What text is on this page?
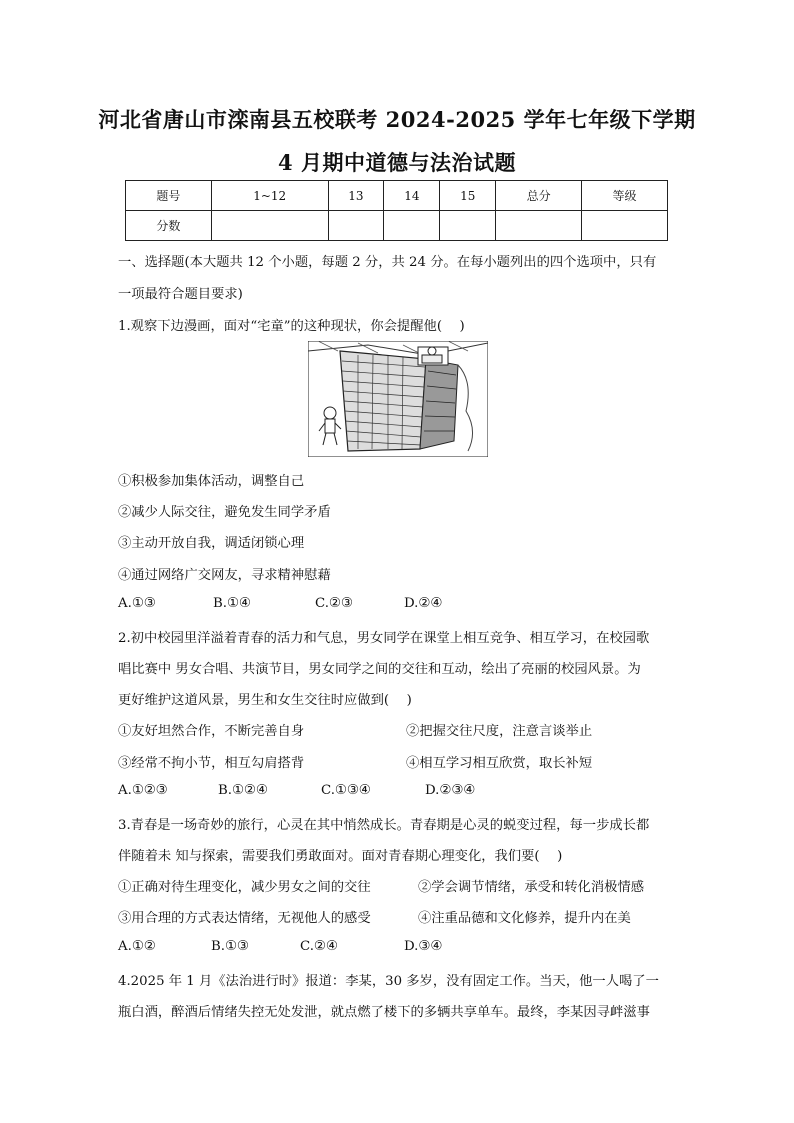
河北省唐山市滦南县五校联考 2024-2025 学年七年级下学期
4 月期中道德与法治试题
题号	1~12	13	14	15	总分	等级
分数						
一、选择题(本大题共 12 个小题，每题 2 分，共 24 分。在每小题列出的四个选项中，只有
一项最符合题目要求)
1.观察下边漫画，面对“宅童”的这种现状，你会提醒他(　 )
①积极参加集体活动，调整自己
②减少人际交往，避免发生同学矛盾
③主动开放自我，调适闭锁心理
④通过网络广交网友，寻求精神慰藉
A.①③	B.①④	C.②③	D.②④
2.初中校园里洋溢着青春的活力和气息，男女同学在课堂上相互竞争、相互学习，在校园歌
唱比赛中 男女合唱、共演节目，男女同学之间的交往和互动，绘出了亮丽的校园风景。为
更好维护这道风景，男生和女生交往时应做到(　 )
①友好坦然合作，不断完善自身	②把握交往尺度，注意言谈举止
③经常不拘小节，相互勾肩搭背	④相互学习相互欣赏，取长补短
A.①②③	B.①②④	C.①③④	D.②③④
3.青春是一场奇妙的旅行，心灵在其中悄然成长。青春期是心灵的蜕变过程，每一步成长都
伴随着未 知与探索，需要我们勇敢面对。面对青春期心理变化，我们要(　 )
①正确对待生理变化，减少男女之间的交往	②学会调节情绪，承受和转化消极情感
③用合理的方式表达情绪，无视他人的感受	④注重品德和文化修养，提升内在美
A.①②	B.①③	C.②④	D.③④
4.2025 年 1 月《法治进行时》报道：李某，30 多岁，没有固定工作。当天，他一人喝了一
瓶白酒，醉酒后情绪失控无处发泄，就点燃了楼下的多辆共享单车。最终，李某因寻衅滋事
